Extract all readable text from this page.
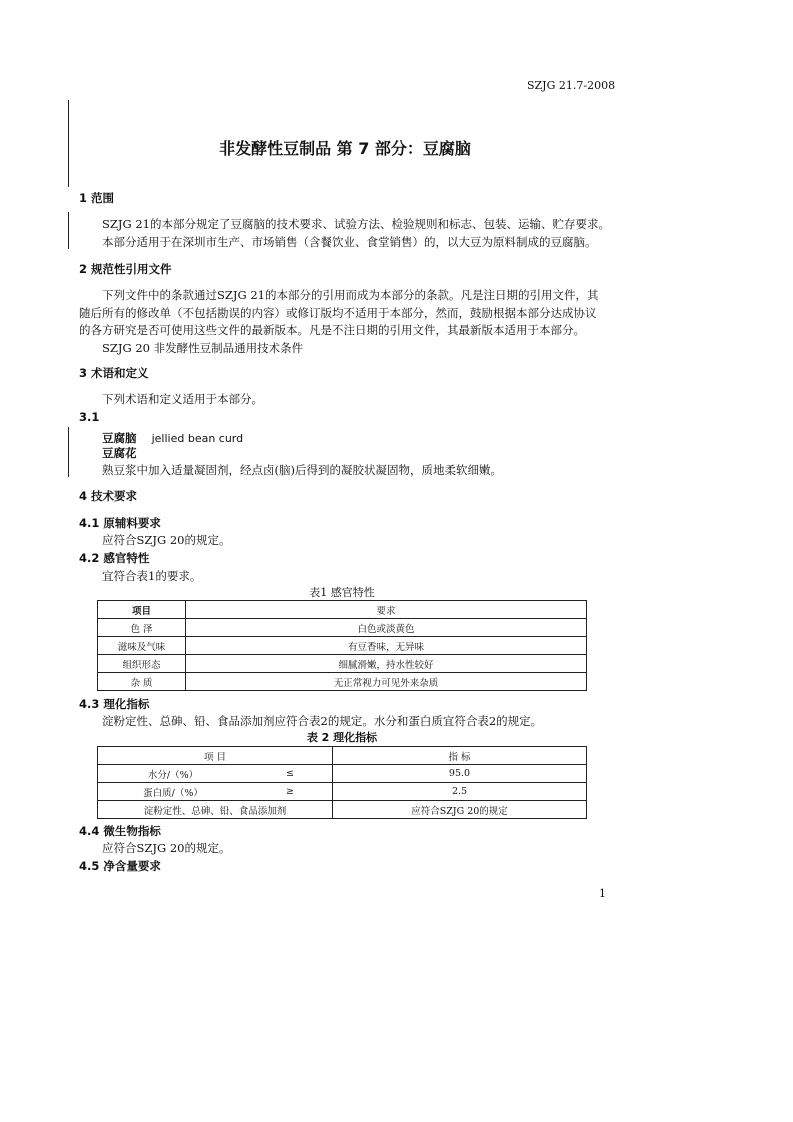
SZJG 21.7-2008
非发酵性豆制品 第 7 部分：豆腐脑
1 范围
SZJG 21的本部分规定了豆腐脑的技术要求、试验方法、检验规则和标志、包装、运输、贮存要求。
本部分适用于在深圳市生产、市场销售（含餐饮业、食堂销售）的，以大豆为原料制成的豆腐脑。
2 规范性引用文件
下列文件中的条款通过SZJG 21的本部分的引用而成为本部分的条款。凡是注日期的引用文件，其
随后所有的修改单（不包括勘误的内容）或修订版均不适用于本部分，然而，鼓励根据本部分达成协议
的各方研究是否可使用这些文件的最新版本。凡是不注日期的引用文件，其最新版本适用于本部分。
SZJG 20 非发酵性豆制品通用技术条件
3 术语和定义
下列术语和定义适用于本部分。
3.1
豆腐脑 jellied bean curd
豆腐花
熟豆浆中加入适量凝固剂，经点卤(脑)后得到的凝胶状凝固物，质地柔软细嫩。
4 技术要求
4.1 原辅料要求
应符合SZJG 20的规定。
4.2 感官特性
宜符合表1的要求。
表1 感官特性
项目	要求
色 泽	白色或淡黄色
滋味及气味	有豆香味，无异味
组织形态	细腻滑嫩，持水性较好
杂 质	无正常视力可见外来杂质
4.3 理化指标
淀粉定性、总砷、铅、食品添加剂应符合表2的规定。水分和蛋白质宜符合表2的规定。
表 2 理化指标
项 目		指 标
水分/（%）	≤	95.0
蛋白质/（%）	≥	2.5
淀粉定性、总砷、铅、食品添加剂		应符合SZJG 20的规定
4.4 微生物指标
应符合SZJG 20的规定。
4.5 净含量要求
1
